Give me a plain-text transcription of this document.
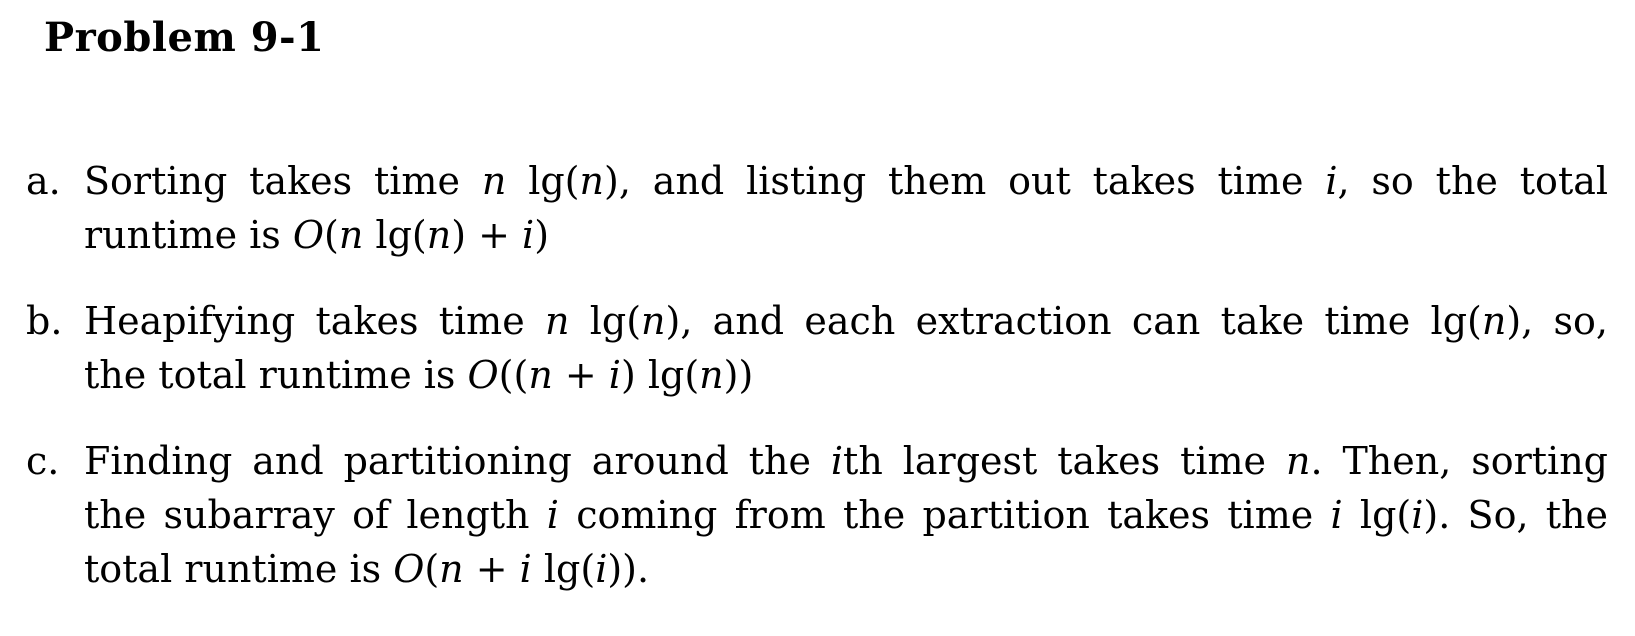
Problem 9-1
a. Sorting takes time n lg(n), and listing them out takes time i, so the total
runtime is O(n lg(n) + i)
b. Heapifying takes time n lg(n), and each extraction can take time lg(n), so,
the total runtime is O((n + i) lg(n))
c. Finding and partitioning around the ith largest takes time n. Then, sorting
the subarray of length i coming from the partition takes time i lg(i). So, the
total runtime is O(n + i lg(i)).
